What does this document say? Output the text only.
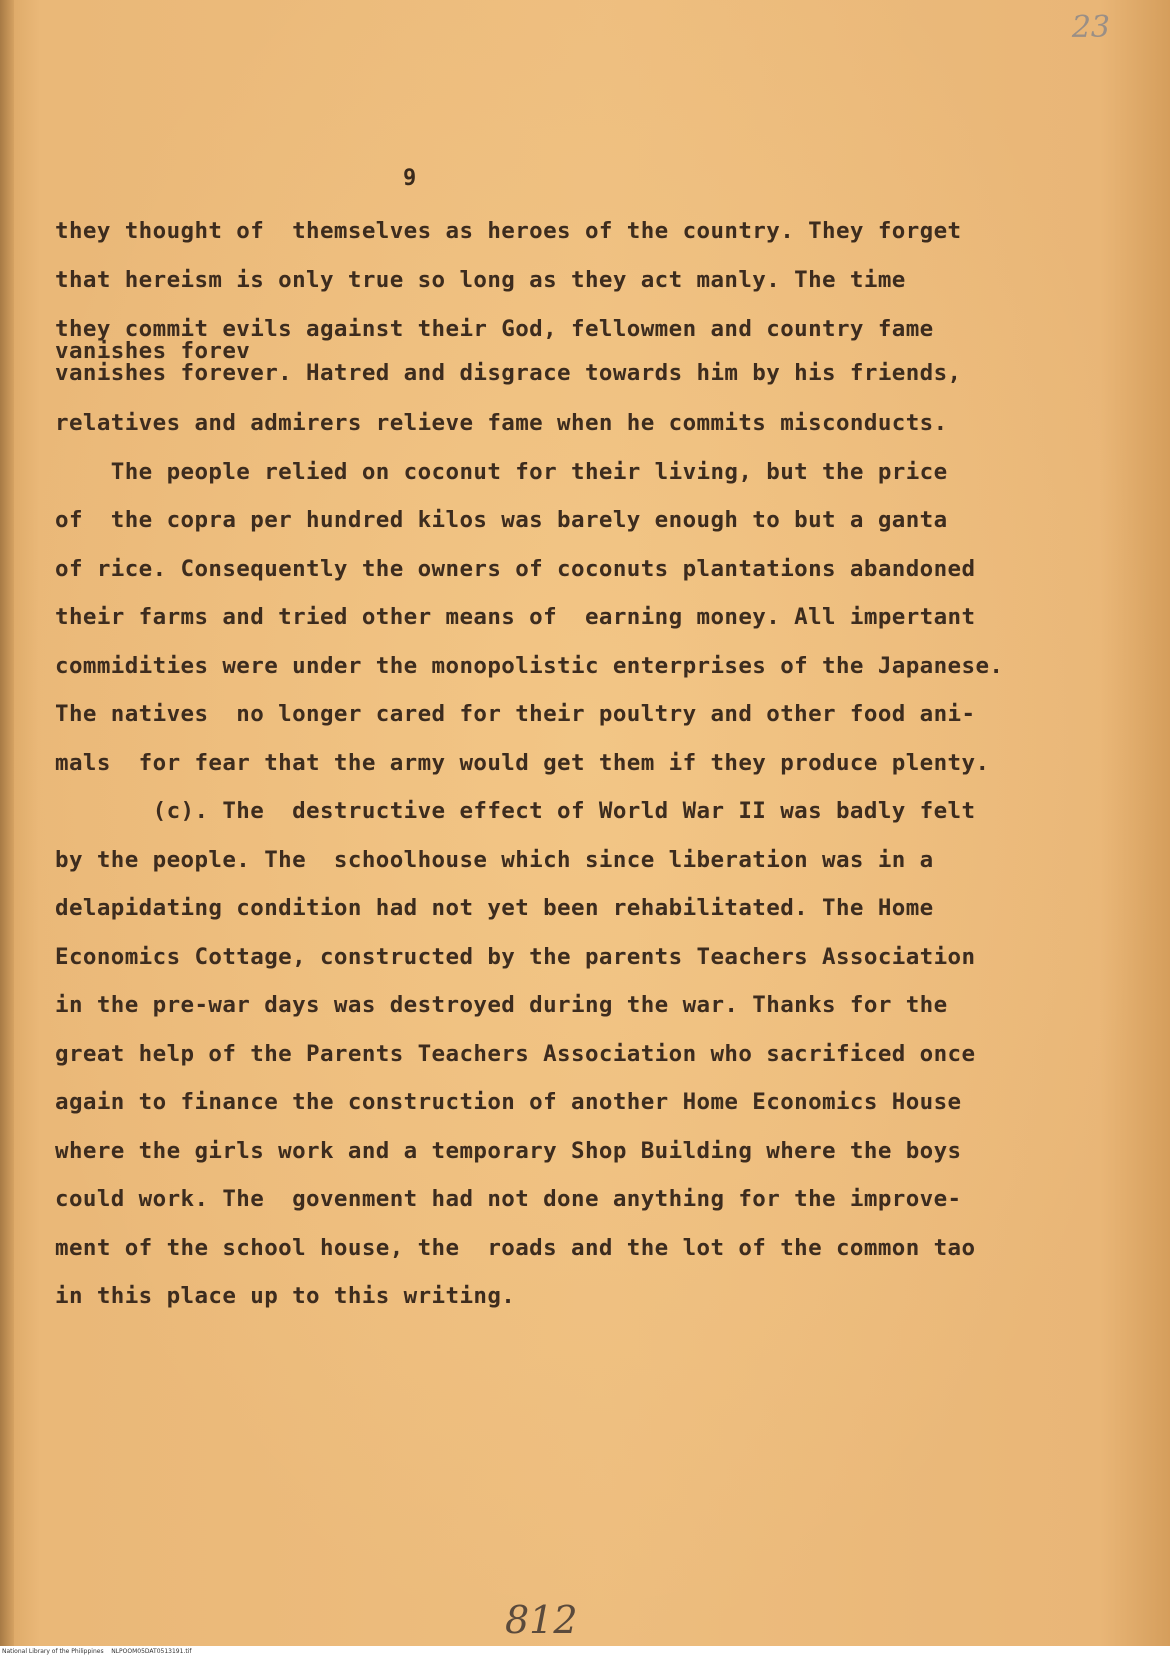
23
9
they thought of  themselves as heroes of the country. They forget
that hereism is only true so long as they act manly. The time
they commit evils against their God, fellowmen and country fame
vanishes forev
vanishes forever. Hatred and disgrace towards him by his friends,
relatives and admirers relieve fame when he commits misconducts.
The people relied on coconut for their living, but the price
of  the copra per hundred kilos was barely enough to but a ganta
of rice. Consequently the owners of coconuts plantations abandoned
their farms and tried other means of  earning money. All impertant
commidities were under the monopolistic enterprises of the Japanese.
The natives  no longer cared for their poultry and other food ani-
mals  for fear that the army would get them if they produce plenty.
(c). The  destructive effect of World War II was badly felt
by the people. The  schoolhouse which since liberation was in a
delapidating condition had not yet been rehabilitated. The Home
Economics Cottage, constructed by the parents Teachers Association
in the pre-war days was destroyed during the war. Thanks for the
great help of the Parents Teachers Association who sacrificed once
again to finance the construction of another Home Economics House
where the girls work and a temporary Shop Building where the boys
could work. The  govenment had not done anything for the improve-
ment of the school house, the  roads and the lot of the common tao
in this place up to this writing.
812
National Library of the Philippines    NLPOOM05DAT0513191.tif
